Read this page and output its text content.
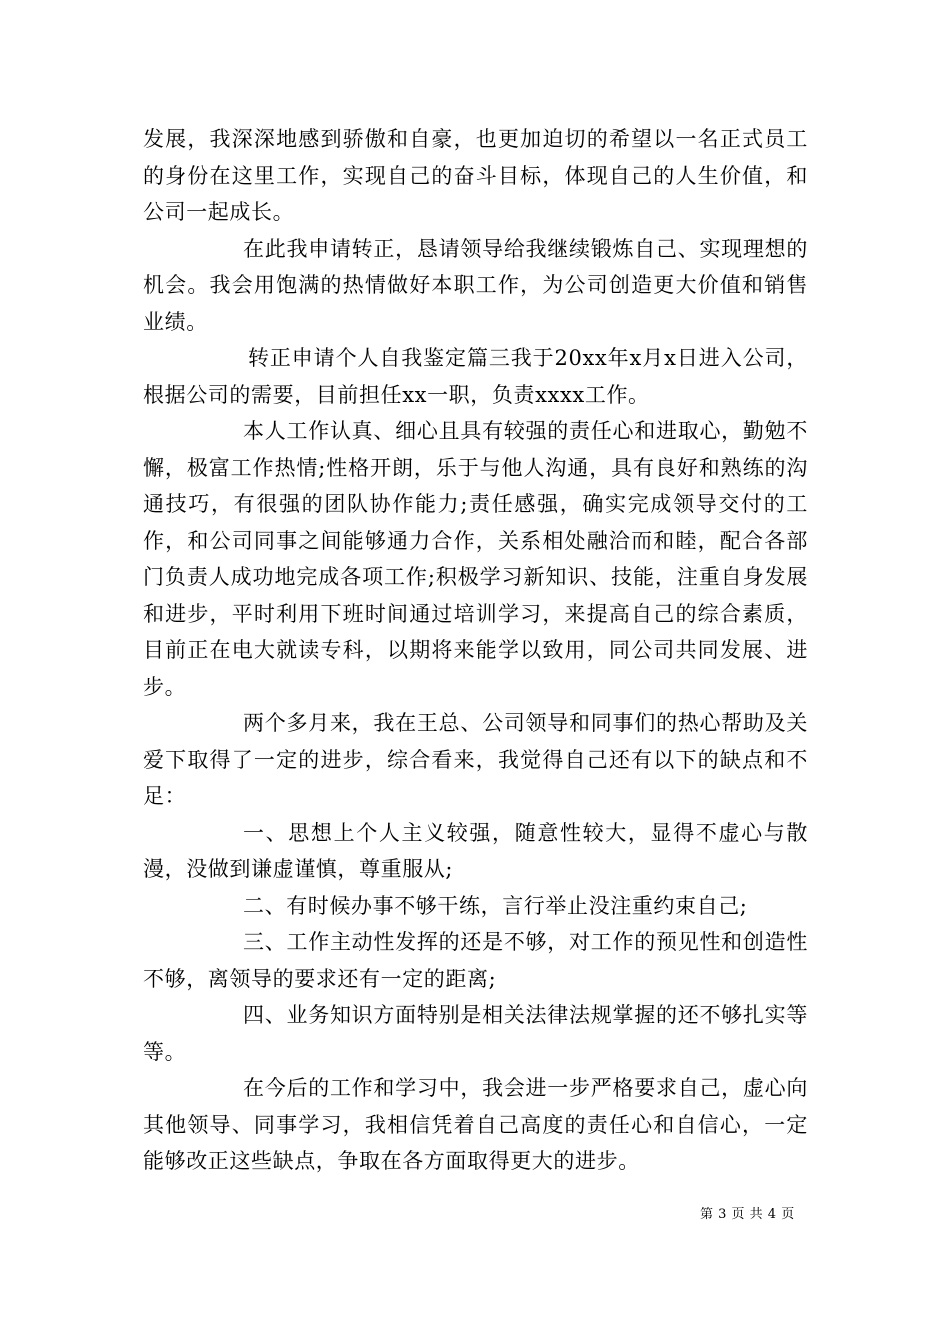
发展，我深深地感到骄傲和自豪，也更加迫切的希望以一名正式员工的身份在这里工作，实现自己的奋斗目标，体现自己的人生价值，和公司一起成长。

在此我申请转正，恳请领导给我继续锻炼自己、实现理想的机会。我会用饱满的热情做好本职工作，为公司创造更大价值和销售业绩。

转正申请个人自我鉴定篇三我于20xx年x月x日进入公司，根据公司的需要，目前担任xx一职，负责xxxx工作。

本人工作认真、细心且具有较强的责任心和进取心，勤勉不懈，极富工作热情;性格开朗，乐于与他人沟通，具有良好和熟练的沟通技巧，有很强的团队协作能力;责任感强，确实完成领导交付的工作，和公司同事之间能够通力合作，关系相处融洽而和睦，配合各部门负责人成功地完成各项工作;积极学习新知识、技能，注重自身发展和进步，平时利用下班时间通过培训学习，来提高自己的综合素质，目前正在电大就读专科，以期将来能学以致用，同公司共同发展、进步。

两个多月来，我在王总、公司领导和同事们的热心帮助及关爱下取得了一定的进步，综合看来，我觉得自己还有以下的缺点和不足：

一、思想上个人主义较强，随意性较大，显得不虚心与散漫，没做到谦虚谨慎，尊重服从;

二、有时候办事不够干练，言行举止没注重约束自己;

三、工作主动性发挥的还是不够，对工作的预见性和创造性不够，离领导的要求还有一定的距离;

四、业务知识方面特别是相关法律法规掌握的还不够扎实等等。

在今后的工作和学习中，我会进一步严格要求自己，虚心向其他领导、同事学习，我相信凭着自己高度的责任心和自信心，一定能够改正这些缺点，争取在各方面取得更大的进步。

第 3 页 共 4 页
